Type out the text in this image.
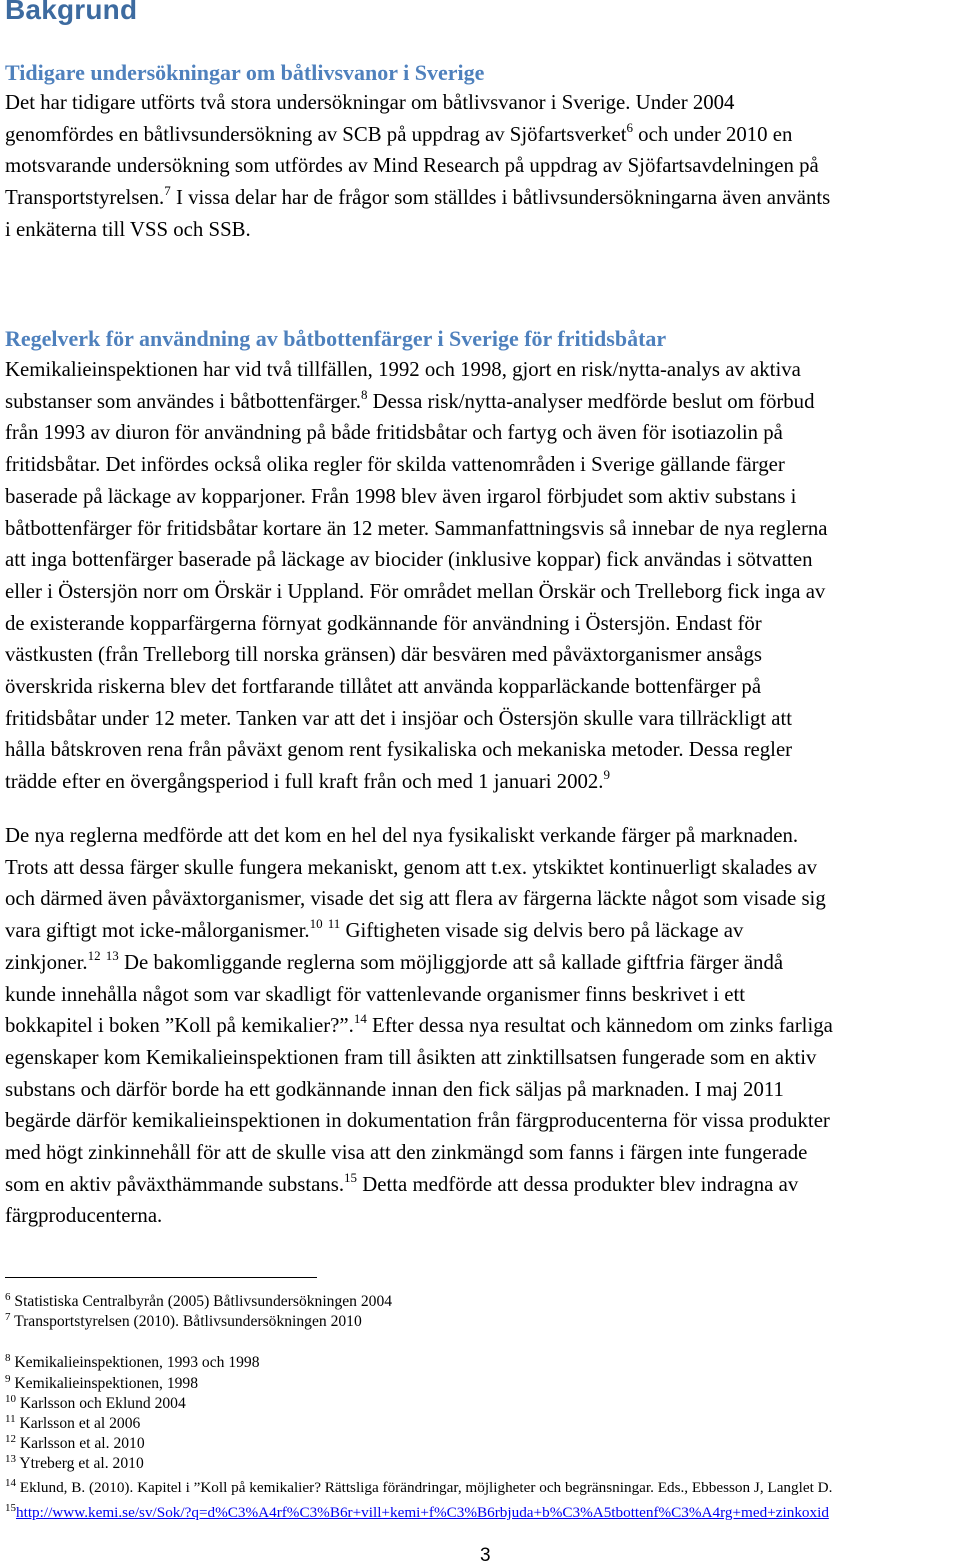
Bakgrund
Tidigare undersökningar om båtlivsvanor i Sverige
Det har tidigare utförts två stora undersökningar om båtlivsvanor i Sverige. Under 2004
genomfördes en båtlivsundersökning av SCB på uppdrag av Sjöfartsverket$^6$ och under 2010 en
motsvarande undersökning som utfördes av Mind Research på uppdrag av Sjöfartsavdelningen på
Transportstyrelsen.$^7$ I vissa delar har de frågor som ställdes i båtlivsundersökningarna även använts
i enkäterna till VSS och SSB.
Regelverk för användning av båtbottenfärger i Sverige för fritidsbåtar
Kemikalieinspektionen har vid två tillfällen, 1992 och 1998, gjort en risk/nytta-analys av aktiva
substanser som användes i båtbottenfärger.$^8$ Dessa risk/nytta-analyser medförde beslut om förbud
från 1993 av diuron för användning på både fritidsbåtar och fartyg och även för isotiazolin på
fritidsbåtar. Det infördes också olika regler för skilda vattenområden i Sverige gällande färger
baserade på läckage av kopparjoner. Från 1998 blev även irgarol förbjudet som aktiv substans i
båtbottenfärger för fritidsbåtar kortare än 12 meter. Sammanfattningsvis så innebar de nya reglerna
att inga bottenfärger baserade på läckage av biocider (inklusive koppar) fick användas i sötvatten
eller i Östersjön norr om Örskär i Uppland. För området mellan Örskär och Trelleborg fick inga av
de existerande kopparfärgerna förnyat godkännande för användning i Östersjön. Endast för
västkusten (från Trelleborg till norska gränsen) där besvären med påväxtorganismer ansågs
överskrida riskerna blev det fortfarande tillåtet att använda kopparläckande bottenfärger på
fritidsbåtar under 12 meter. Tanken var att det i insjöar och Östersjön skulle vara tillräckligt att
hålla båtskroven rena från påväxt genom rent fysikaliska och mekaniska metoder. Dessa regler
trädde efter en övergångsperiod i full kraft från och med 1 januari 2002.$^9$
De nya reglerna medförde att det kom en hel del nya fysikaliskt verkande färger på marknaden.
Trots att dessa färger skulle fungera mekaniskt, genom att t.ex. ytskiktet kontinuerligt skalades av
och därmed även påväxtorganismer, visade det sig att flera av färgerna läckte något som visade sig
vara giftigt mot icke-målorganismer.$^{10}$ $^{11}$ Giftigheten visade sig delvis bero på läckage av
zinkjoner.$^{12}$ $^{13}$ De bakomliggande reglerna som möjliggjorde att så kallade giftfria färger ändå
kunde innehålla något som var skadligt för vattenlevande organismer finns beskrivet i ett
bokkapitel i boken ”Koll på kemikalier?”.$^{14}$ Efter dessa nya resultat och kännedom om zinks farliga
egenskaper kom Kemikalieinspektionen fram till åsikten att zinktillsatsen fungerade som en aktiv
substans och därför borde ha ett godkännande innan den fick säljas på marknaden. I maj 2011
begärde därför kemikalieinspektionen in dokumentation från färgproducenterna för vissa produkter
med högt zinkinnehåll för att de skulle visa att den zinkmängd som fanns i färgen inte fungerade
som en aktiv påväxthämmande substans.$^{15}$ Detta medförde att dessa produkter blev indragna av
färgproducenterna.
$^6$ Statistiska Centralbyrån (2005) Båtlivsundersökningen 2004
$^7$ Transportstyrelsen (2010). Båtlivsundersökningen 2010
$^8$ Kemikalieinspektionen, 1993 och 1998
$^9$ Kemikalieinspektionen, 1998
$^{10}$ Karlsson och Eklund 2004
$^{11}$ Karlsson et al 2006
$^{12}$ Karlsson et al. 2010
$^{13}$ Ytreberg et al. 2010
$^{14}$ Eklund, B. (2010). Kapitel i ”Koll på kemikalier? Rättsliga förändringar, möjligheter och begränsningar. Eds., Ebbesson J, Langlet D.
$^{15}$http://www.kemi.se/sv/Sok/?q=d%C3%A4rf%C3%B6r+vill+kemi+f%C3%B6rbjuda+b%C3%A5tbottenf%C3%A4rg+med+zinkoxid
3
